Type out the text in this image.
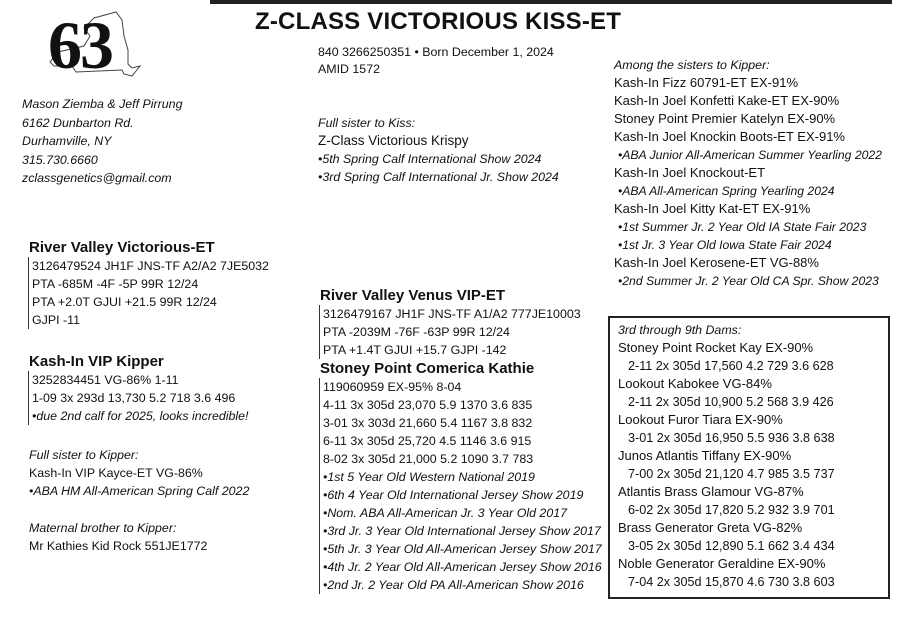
63	Z-CLASS VICTORIOUS KISS-ET
840 3266250351 • Born December 1, 2024
AMID 1572
Mason Ziemba & Jeff Pirrung
6162 Dunbarton Rd.
Durhamville, NY
315.730.6660
zclassgenetics@gmail.com
Full sister to Kiss:
Z-Class Victorious Krispy
•5th Spring Calf International Show 2024
•3rd Spring Calf International Jr. Show 2024
River Valley Victorious-ET
3126479524 JH1F JNS-TF A2/A2 7JE5032
PTA -685M -4F -5P 99R 12/24
PTA +2.0T GJUI +21.5 99R 12/24
GJPI -11
Kash-In VIP Kipper
3252834451 VG-86% 1-11
1-09 3x 293d 13,730 5.2 718 3.6 496
•due 2nd calf for 2025, looks incredible!
Full sister to Kipper:
Kash-In VIP Kayce-ET VG-86%
•ABA HM All-American Spring Calf 2022
Maternal brother to Kipper:
Mr Kathies Kid Rock 551JE1772
River Valley Venus VIP-ET
3126479167 JH1F JNS-TF A1/A2 777JE10003
PTA -2039M -76F -63P 99R 12/24
PTA +1.4T GJUI +15.7 GJPI -142
Stoney Point Comerica Kathie
119060959 EX-95% 8-04
4-11 3x 305d 23,070 5.9 1370 3.6 835
3-01 3x 303d 21,660 5.4 1167 3.8 832
6-11 3x 305d 25,720 4.5 1146 3.6 915
8-02 3x 305d 21,000 5.2 1090 3.7 783
•1st 5 Year Old Western National 2019
•6th 4 Year Old International Jersey Show 2019
•Nom. ABA All-American Jr. 3 Year Old 2017
•3rd Jr. 3 Year Old International Jersey Show 2017
•5th Jr. 3 Year Old All-American Jersey Show 2017
•4th Jr. 2 Year Old All-American Jersey Show 2016
•2nd Jr. 2 Year Old PA All-American Show 2016
Among the sisters to Kipper:
Kash-In Fizz 60791-ET EX-91%
Kash-In Joel Konfetti Kake-ET EX-90%
Stoney Point Premier Katelyn EX-90%
Kash-In Joel Knockin Boots-ET EX-91%
•ABA Junior All-American Summer Yearling 2022
Kash-In Joel Knockout-ET
•ABA All-American Spring Yearling 2024
Kash-In Joel Kitty Kat-ET EX-91%
•1st Summer Jr. 2 Year Old IA State Fair 2023
•1st Jr. 3 Year Old Iowa State Fair 2024
Kash-In Joel Kerosene-ET VG-88%
•2nd Summer Jr. 2 Year Old CA Spr. Show 2023
3rd through 9th Dams:
Stoney Point Rocket Kay EX-90%
2-11 2x 305d 17,560 4.2 729 3.6 628
Lookout Kabokee VG-84%
2-11 2x 305d 10,900 5.2 568 3.9 426
Lookout Furor Tiara EX-90%
3-01 2x 305d 16,950 5.5 936 3.8 638
Junos Atlantis Tiffany EX-90%
7-00 2x 305d 21,120 4.7 985 3.5 737
Atlantis Brass Glamour VG-87%
6-02 2x 305d 17,820 5.2 932 3.9 701
Brass Generator Greta VG-82%
3-05 2x 305d 12,890 5.1 662 3.4 434
Noble Generator Geraldine EX-90%
7-04 2x 305d 15,870 4.6 730 3.8 603
